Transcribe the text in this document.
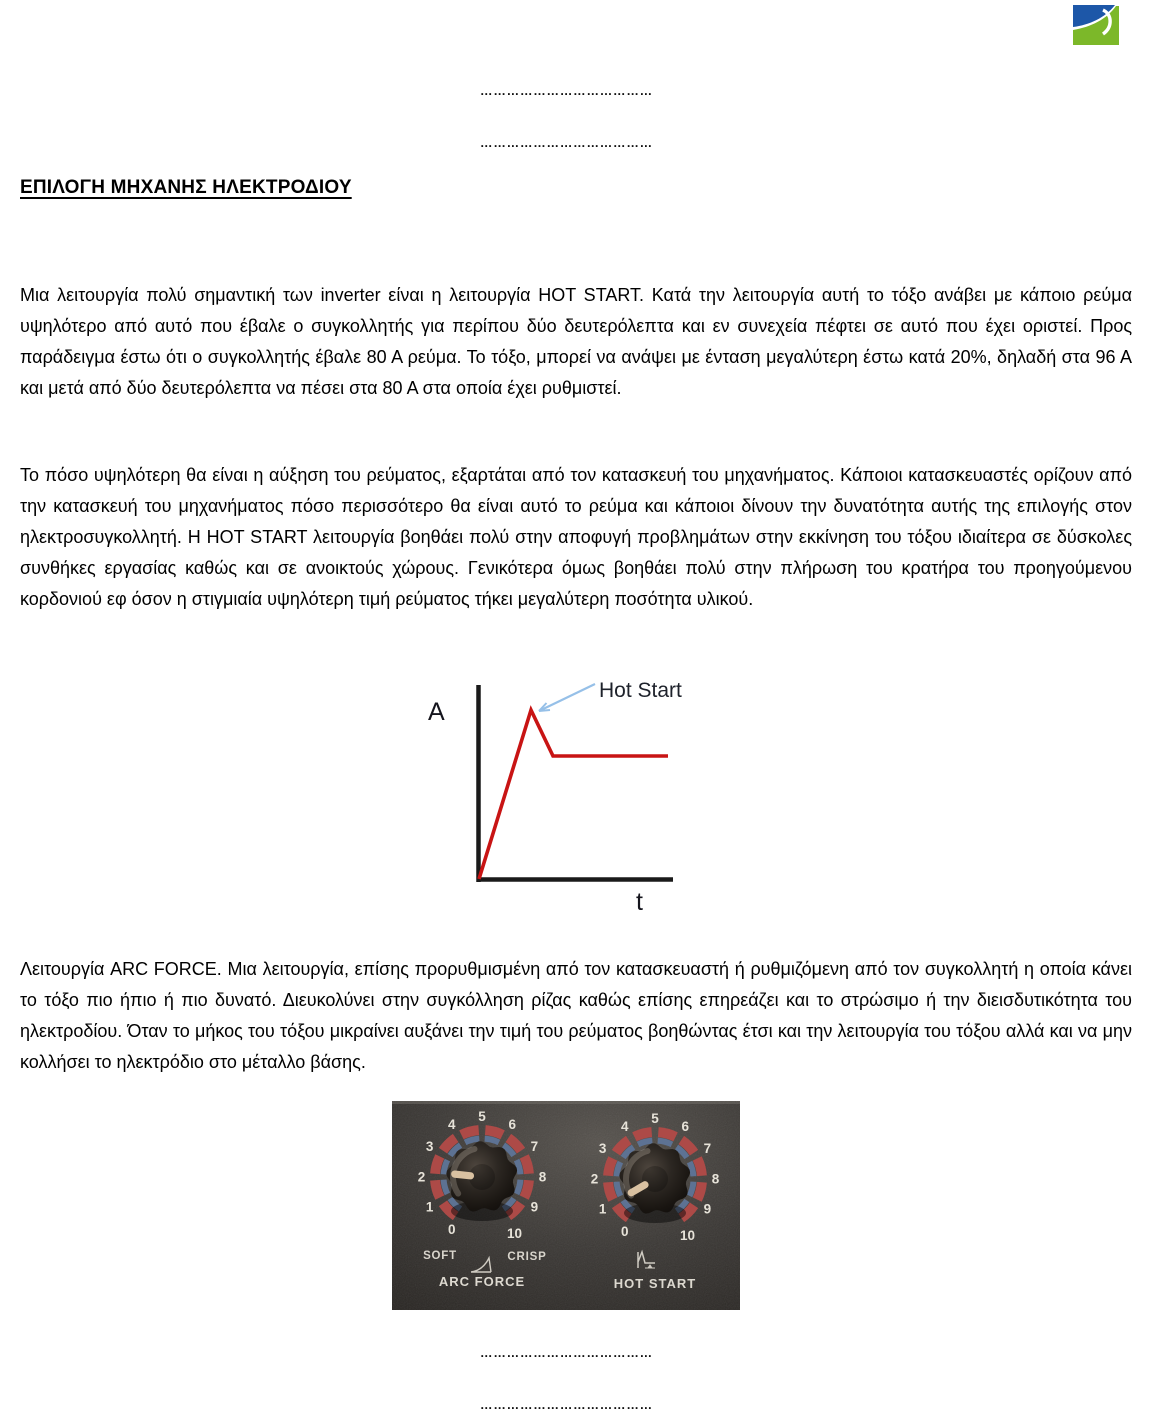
…………………………………
…………………………………
ΕΠΙΛΟΓΗ ΜΗΧΑΝΗΣ ΗΛΕΚΤΡΟΔΙΟΥ

Μια λειτουργία πολύ σημαντική των inverter είναι η λειτουργία HOT START. Κατά την λειτουργία αυτή το τόξο ανάβει με κάποιο ρεύμα υψηλότερο από αυτό που έβαλε ο συγκολλητής για περίπου δύο δευτερόλεπτα και εν συνεχεία πέφτει σε αυτό που έχει οριστεί. Προς παράδειγμα έστω ότι ο συγκολλητής έβαλε 80 Α ρεύμα. Το τόξο, μπορεί να ανάψει με ένταση μεγαλύτερη έστω κατά 20%, δηλαδή στα 96 Α και μετά από δύο δευτερόλεπτα να πέσει στα 80 Α στα οποία έχει ρυθμιστεί.

Το πόσο υψηλότερη θα είναι η αύξηση του ρεύματος, εξαρτάται από τον κατασκευή του μηχανήματος. Κάποιοι κατασκευαστές ορίζουν από την κατασκευή του μηχανήματος πόσο περισσότερο θα είναι αυτό το ρεύμα και κάποιοι δίνουν την δυνατότητα αυτής της επιλογής στον ηλεκτροσυγκολλητή. Η HOT START λειτουργία βοηθάει πολύ στην αποφυγή προβλημάτων στην εκκίνηση του τόξου ιδιαίτερα σε δύσκολες συνθήκες εργασίας καθώς και σε ανοικτούς χώρους. Γενικότερα όμως βοηθάει πολύ στην πλήρωση του κρατήρα του προηγούμενου κορδονιού εφ όσον η στιγμιαία υψηλότερη τιμή ρεύματος τήκει μεγαλύτερη ποσότητα υλικού.

A
Hot Start
t

Λειτουργία ARC FORCE. Μια λειτουργία, επίσης προρυθμισμένη από τον κατασκευαστή ή ρυθμιζόμενη από τον συγκολλητή η οποία κάνει το τόξο πιο ήπιο ή πιο δυνατό. Διευκολύνει στην συγκόλληση ρίζας καθώς επίσης επηρεάζει και το στρώσιμο ή την διεισδυτικότητα του ηλεκτροδίου. Όταν το μήκος του τόξου μικραίνει αυξάνει την τιμή του ρεύματος βοηθώντας έτσι και την λειτουργία του τόξου αλλά και να μην κολλήσει το ηλεκτρόδιο στο μέταλλο βάσης.

0
1
2
3
4
5
6
7
8
9
10
SOFT	CRISP
ARC FORCE
0
1
2
3
4
5
6
7
8
9
10
HOT START
…………………………………
…………………………………
